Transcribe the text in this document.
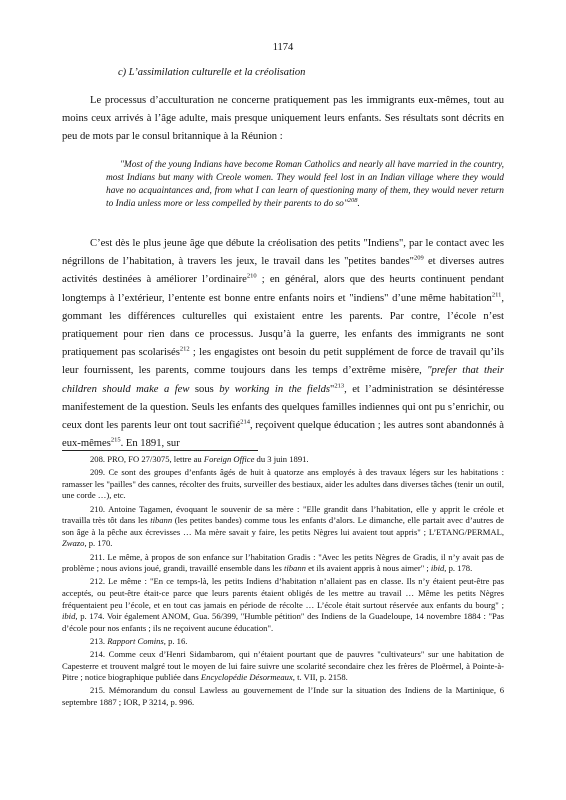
1174
c) L’assimilation culturelle et la créolisation

Le processus d’acculturation ne concerne pratiquement pas les immigrants eux-mêmes, tout au moins ceux arrivés à l’âge adulte, mais presque uniquement leurs enfants. Ses résultats sont décrits en peu de mots par le consul britannique à la Réunion :

"Most of the young Indians have become Roman Catholics and nearly all have married in the country, most Indians but many with Creole women. They would feel lost in an Indian village where they would have no acquaintances and, from what I can learn of questioning many of them, they would never return to India unless more or less compelled by their parents to do so"$^{208}$.

C’est dès le plus jeune âge que débute la créolisation des petits "Indiens", par le contact avec les négrillons de l’habitation, à travers les jeux, le travail dans les "petites bandes"$^{209}$ et diverses autres activités destinées à améliorer l’ordinaire$^{210}$ ; en général, alors que des heurts continuent pendant longtemps à l’extérieur, l’entente est bonne entre enfants noirs et "indiens" d’une même habitation$^{211}$, gommant les différences culturelles qui existaient entre les parents. Par contre, l’école n’est pratiquement pour rien dans ce processus. Jusqu’à la guerre, les enfants des immigrants ne sont pratiquement pas scolarisés$^{212}$ ; les engagistes ont besoin du petit supplément de force de travail qu’ils leur fournissent, les parents, comme toujours dans les temps d’extrême misère, "prefer that their children should make a few sous by working in the fields"$^{213}$, et l’administration se désintéresse manifestement de la question. Seuls les enfants des quelques familles indiennes qui ont pu s’enrichir, ou ceux dont les parents leur ont tout sacrifié$^{214}$, reçoivent quelque éducation ; les autres sont abandonnés à eux-mêmes$^{215}$. En 1891, sur

208. PRO, FO 27/3075, lettre au Foreign Office du 3 juin 1891.

209. Ce sont des groupes d’enfants âgés de huit à quatorze ans employés à des travaux légers sur les habitations : ramasser les "pailles" des cannes, récolter des fruits, surveiller des bestiaux, aider les adultes dans diverses tâches (tenir un outil, une corde …), etc.

210. Antoine Tagamen, évoquant le souvenir de sa mère : "Elle grandit dans l’habitation, elle y apprit le créole et travailla très tôt dans les tibann (les petites bandes) comme tous les enfants d’alors. Le dimanche, elle partait avec d’autres de son âge à la pêche aux écrevisses … Ma mère savait y faire, les petits Nègres lui avaient tout appris" ; L’ETANG/PERMAL, Zwazo, p. 170.

211. Le même, à propos de son enfance sur l’habitation Gradis : "Avec les petits Nègres de Gradis, il n’y avait pas de problème ; nous avions joué, grandi, travaillé ensemble dans les tibann et ils avaient appris à nous aimer" ; ibid, p. 178.

212. Le même : "En ce temps-là, les petits Indiens d’habitation n’allaient pas en classe. Ils n’y étaient peut-être pas acceptés, ou peut-être était-ce parce que leurs parents étaient obligés de les mettre au travail … Même les petits Nègres fréquentaient peu l’école, et en tout cas jamais en période de récolte … L’école était surtout réservée aux enfants du bourg" ; ibid, p. 174. Voir également ANOM, Gua. 56/399, "Humble pétition" des Indiens de la Guadeloupe, 14 novembre 1884 : "Pas d’école pour nos enfants ; ils ne reçoivent aucune éducation".

213. Rapport Comins, p. 16.

214. Comme ceux d’Henri Sidambarom, qui n’étaient pourtant que de pauvres "cultivateurs" sur une habitation de Capesterre et trouvent malgré tout le moyen de lui faire suivre une scolarité secondaire chez les frères de Ploërmel, à Pointe-à-Pitre ; notice biographique publiée dans Encyclopédie Désormeaux, t. VII, p. 2158.

215. Mémorandum du consul Lawless au gouvernement de l’Inde sur la situation des Indiens de la Martinique, 6 septembre 1887 ; IOR, P 3214, p. 996.
